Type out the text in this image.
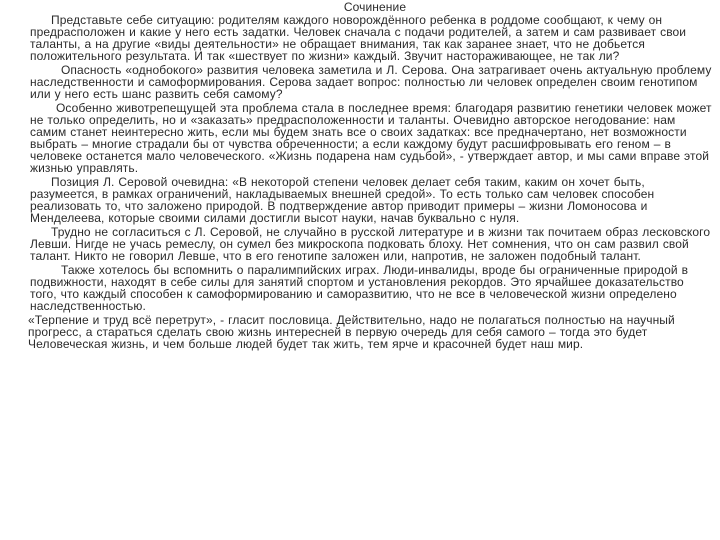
Сочинение

Представьте себе ситуацию: родителям каждого новорождённого ребенка в роддоме сообщают, к чему он предрасположен и какие у него есть задатки. Человек сначала с подачи родителей, а затем и сам развивает свои таланты, а на другие «виды деятельности» не обращает внимания, так как заранее знает, что не добьется положительного результата. И так «шествует по жизни» каждый. Звучит настораживающее, не так ли?

Опасность «однобокого» развития человека заметила и Л. Серова. Она затрагивает очень актуальную проблему наследственности и самоформирования. Серова задает вопрос: полностью ли человек определен своим генотипом или у него есть шанс развить себя самому?

Особенно животрепещущей эта проблема стала в последнее время: благодаря развитию генетики человек может не только определить, но и «заказать» предрасположенности и таланты. Очевидно авторское негодование: нам самим станет неинтересно жить, если мы будем знать все о своих задатках: все предначертано, нет возможности выбрать – многие страдали бы от чувства обреченности; а если каждому будут расшифровывать его геном – в человеке останется мало человеческого. «Жизнь подарена нам судьбой», - утверждает автор, и мы сами вправе этой жизнью управлять.

Позиция Л. Серовой очевидна: «В некоторой степени человек делает себя таким, каким он хочет быть, разумеется, в рамках ограничений, накладываемых внешней средой». То есть только сам человек способен реализовать то, что заложено природой. В подтверждение автор приводит примеры – жизни Ломоносова и Менделеева, которые своими силами достигли высот науки, начав буквально с нуля.

Трудно не согласиться с Л. Серовой, не случайно в русской литературе и в жизни так почитаем образ лесковского Левши. Нигде не учась ремеслу, он сумел без микроскопа подковать блоху. Нет сомнения, что он сам развил свой талант. Никто не говорил Левше, что в его генотипе заложен или, напротив, не заложен подобный талант.

Также хотелось бы вспомнить о паралимпийских играх. Люди-инвалиды, вроде бы ограниченные природой в подвижности, находят в себе силы для занятий спортом и установления рекордов. Это ярчайшее доказательство того, что каждый способен к самоформированию и саморазвитию, что не все в человеческой жизни определено наследственностью.

«Терпение и труд всё перетрут», - гласит пословица. Действительно, надо не полагаться полностью на научный прогресс, а стараться сделать свою жизнь интересней в первую очередь для себя самого – тогда это будет Человеческая жизнь, и чем больше людей будет так жить, тем ярче и красочней будет наш мир.
